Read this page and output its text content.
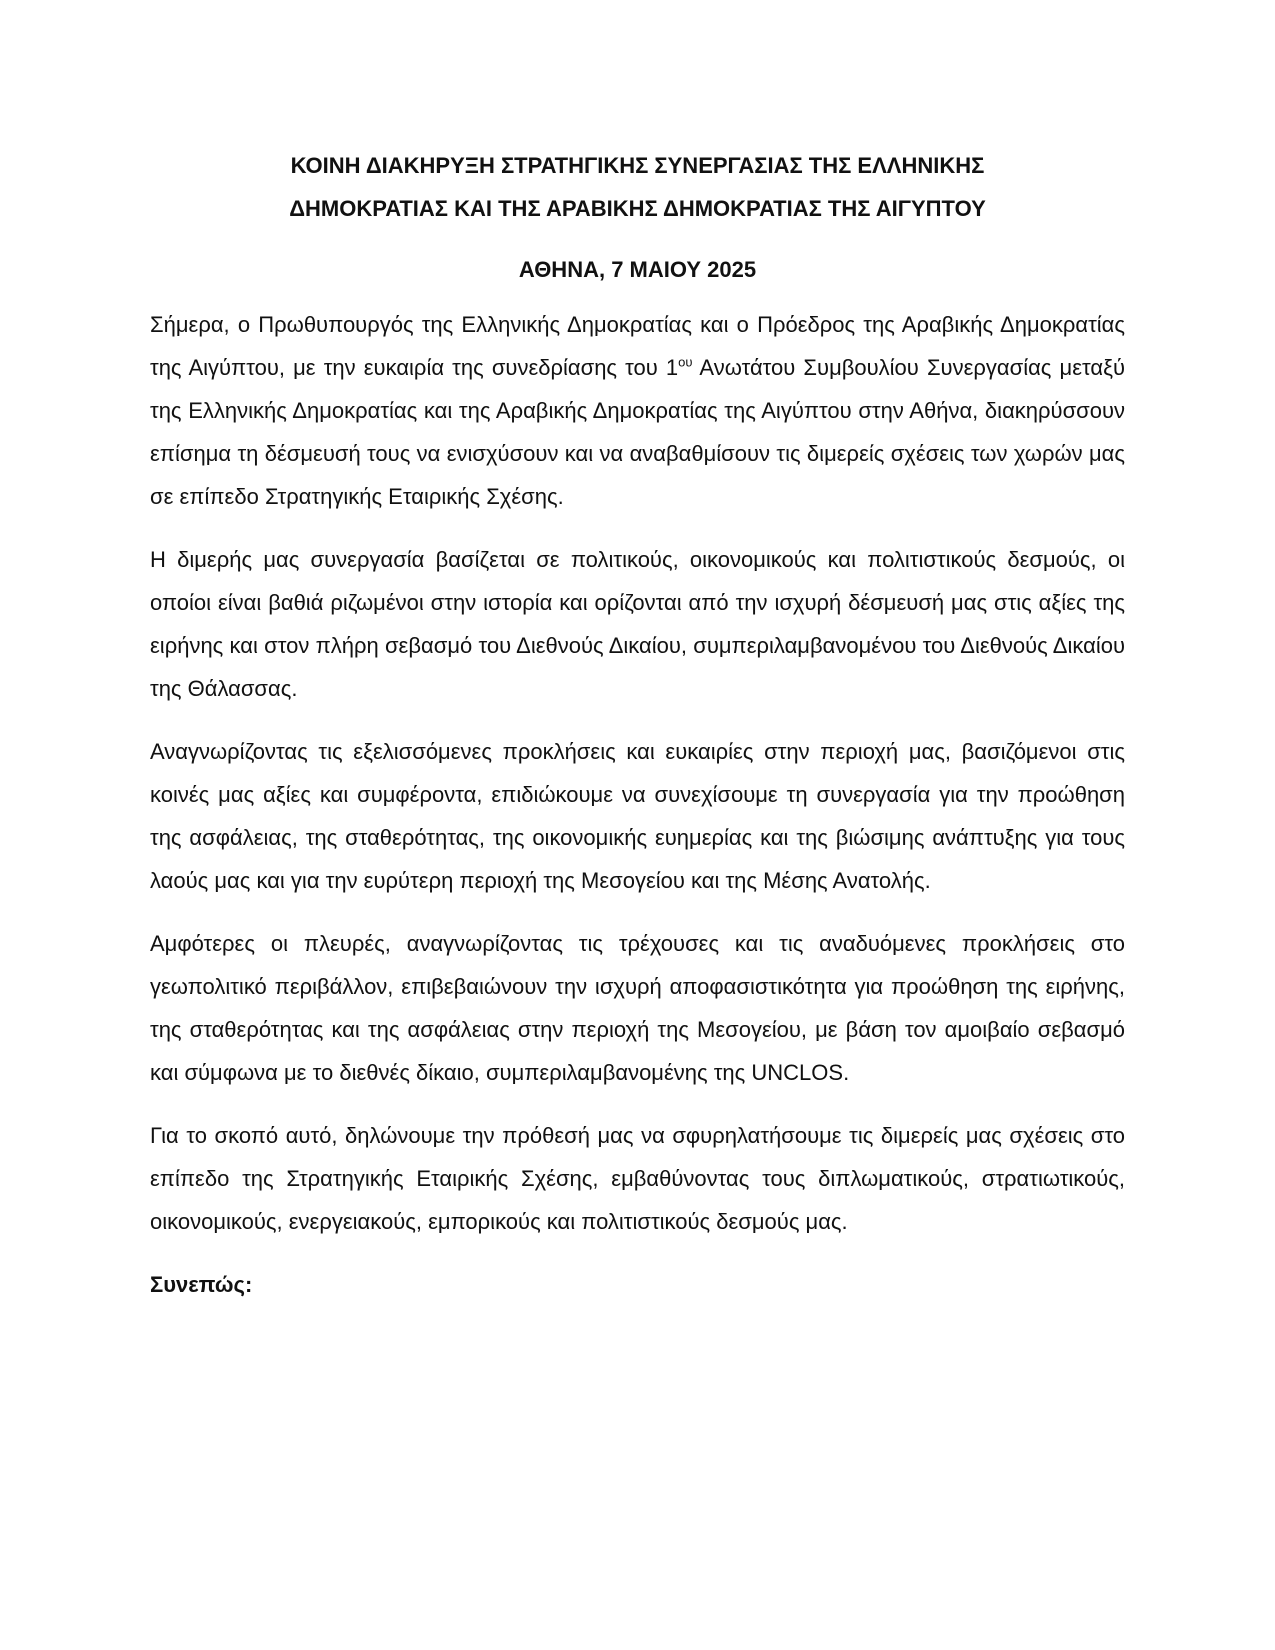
ΚΟΙΝΗ ΔΙΑΚΗΡΥΞΗ ΣΤΡΑΤΗΓΙΚΗΣ ΣΥΝΕΡΓΑΣΙΑΣ ΤΗΣ ΕΛΛΗΝΙΚΗΣ
ΔΗΜΟΚΡΑΤΙΑΣ ΚΑΙ ΤΗΣ ΑΡΑΒΙΚΗΣ ΔΗΜΟΚΡΑΤΙΑΣ ΤΗΣ ΑΙΓΥΠΤΟΥ

ΑΘΗΝΑ, 7 ΜΑΙΟΥ 2025

Σήμερα, ο Πρωθυπουργός της Ελληνικής Δημοκρατίας και ο Πρόεδρος της Αραβικής Δημοκρατίας της Αιγύπτου, με την ευκαιρία της συνεδρίασης του $1^{o\upsilon}$ Ανωτάτου Συμβουλίου Συνεργασίας μεταξύ της Ελληνικής Δημοκρατίας και της Αραβικής Δημοκρατίας της Αιγύπτου στην Αθήνα, διακηρύσσουν επίσημα τη δέσμευσή τους να ενισχύσουν και να αναβαθμίσουν τις διμερείς σχέσεις των χωρών μας σε επίπεδο Στρατηγικής Εταιρικής Σχέσης.

Η διμερής μας συνεργασία βασίζεται σε πολιτικούς, οικονομικούς και πολιτιστικούς δεσμούς, οι οποίοι είναι βαθιά ριζωμένοι στην ιστορία και ορίζονται από την ισχυρή δέσμευσή μας στις αξίες της ειρήνης και στον πλήρη σεβασμό του Διεθνούς Δικαίου, συμπεριλαμβανομένου του Διεθνούς Δικαίου της Θάλασσας.

Αναγνωρίζοντας τις εξελισσόμενες προκλήσεις και ευκαιρίες στην περιοχή μας, βασιζόμενοι στις κοινές μας αξίες και συμφέροντα, επιδιώκουμε να συνεχίσουμε τη συνεργασία για την προώθηση της ασφάλειας, της σταθερότητας, της οικονομικής ευημερίας και της βιώσιμης ανάπτυξης για τους λαούς μας και για την ευρύτερη περιοχή της Μεσογείου και της Μέσης Ανατολής.

Αμφότερες οι πλευρές, αναγνωρίζοντας τις τρέχουσες και τις αναδυόμενες προκλήσεις στο γεωπολιτικό περιβάλλον, επιβεβαιώνουν την ισχυρή αποφασιστικότητα για προώθηση της ειρήνης, της σταθερότητας και της ασφάλειας στην περιοχή της Μεσογείου, με βάση τον αμοιβαίο σεβασμό και σύμφωνα με το διεθνές δίκαιο, συμπεριλαμβανομένης της UNCLOS.

Για το σκοπό αυτό, δηλώνουμε την πρόθεσή μας να σφυρηλατήσουμε τις διμερείς μας σχέσεις στο επίπεδο της Στρατηγικής Εταιρικής Σχέσης, εμβαθύνοντας τους διπλωματικούς, στρατιωτικούς, οικονομικούς, ενεργειακούς, εμπορικούς και πολιτιστικούς δεσμούς μας.

Συνεπώς:
